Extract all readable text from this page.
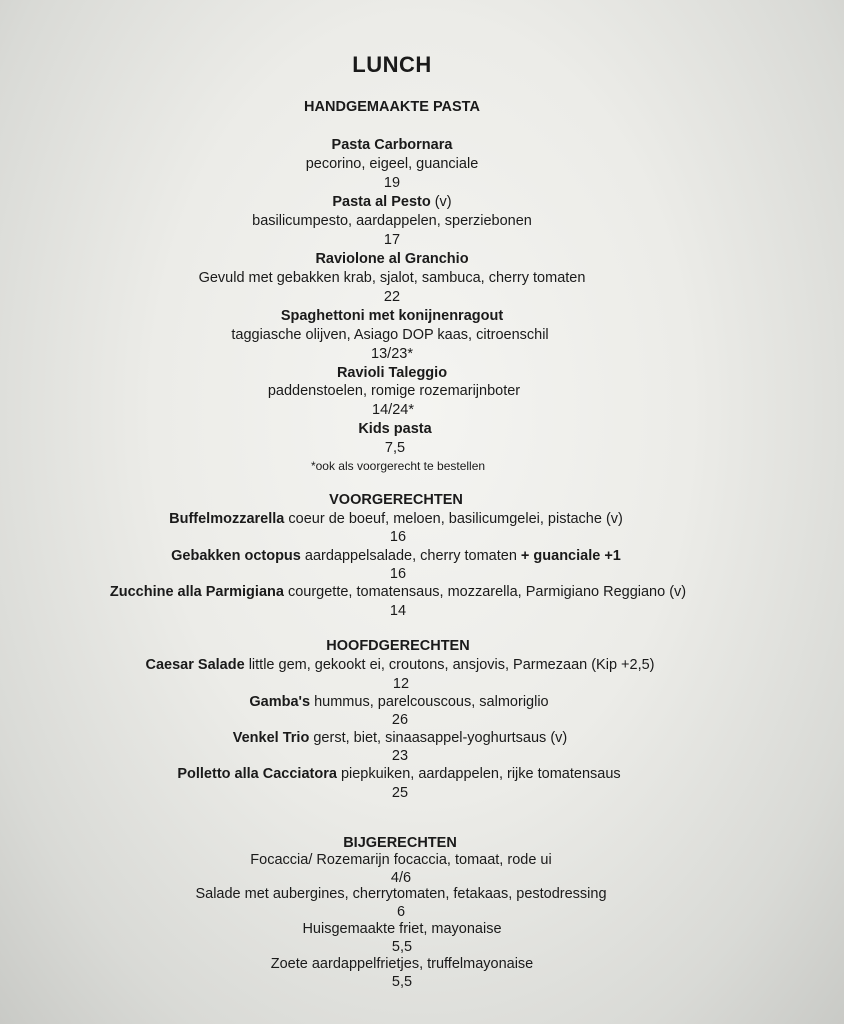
LUNCH
HANDGEMAAKTE PASTA
Pasta Carbornara
pecorino, eigeel, guanciale
19
Pasta al Pesto (v)
basilicumpesto, aardappelen, sperziebonen
17
Raviolone al Granchio
Gevuld met gebakken krab, sjalot, sambuca, cherry tomaten
22
Spaghettoni met konijnenragout
taggiasche olijven, Asiago DOP kaas, citroenschil
13/23*
Ravioli Taleggio
paddenstoelen, romige rozemarijnboter
14/24*
Kids pasta
7,5
*ook als voorgerecht te bestellen
VOORGERECHTEN
Buffelmozzarella coeur de boeuf, meloen, basilicumgelei, pistache (v)
16
Gebakken octopus aardappelsalade, cherry tomaten + guanciale +1
16
Zucchine alla Parmigiana courgette, tomatensaus, mozzarella, Parmigiano Reggiano (v)
14
HOOFDGERECHTEN
Caesar Salade little gem, gekookt ei, croutons, ansjovis, Parmezaan (Kip +2,5)
12
Gamba's hummus, parelcouscous, salmoriglio
26
Venkel Trio gerst, biet, sinaasappel-yoghurtsaus (v)
23
Polletto alla Cacciatora piepkuiken, aardappelen, rijke tomatensaus
25
BIJGERECHTEN
Focaccia/ Rozemarijn focaccia, tomaat, rode ui
4/6
Salade met aubergines, cherrytomaten, fetakaas, pestodressing
6
Huisgemaakte friet, mayonaise
5,5
Zoete aardappelfrietjes, truffelmayonaise
5,5
